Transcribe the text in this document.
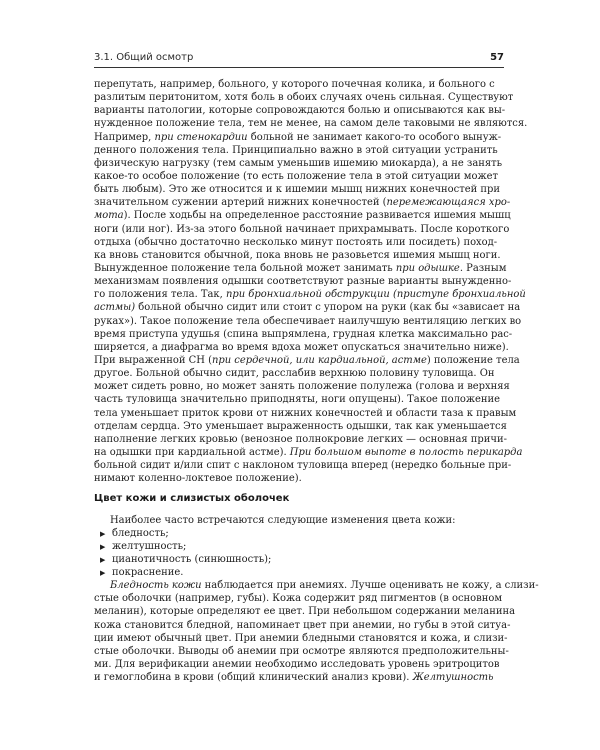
3.1. Общий осмотр	57
перепутать, например, больного, у которого почечная колика, и больного с
разлитым перитонитом, хотя боль в обоих случаях очень сильная. Существуют
варианты патологии, которые сопровождаются болью и описываются как вы-
нужденное положение тела, тем не менее, на самом деле таковыми не являются.
Например, при стенокардии больной не занимает какого-то особого вынуж-
денного положения тела. Принципиально важно в этой ситуации устранить
физическую нагрузку (тем самым уменьшив ишемию миокарда), а не занять
какое-то особое положение (то есть положение тела в этой ситуации может
быть любым). Это же относится и к ишемии мышц нижних конечностей при
значительном сужении артерий нижних конечностей (перемежающаяся хро-
мота). После ходьбы на определенное расстояние развивается ишемия мышц
ноги (или ног). Из-за этого больной начинает прихрамывать. После короткого
отдыха (обычно достаточно несколько минут постоять или посидеть) поход-
ка вновь становится обычной, пока вновь не разовьется ишемия мышц ноги.
Вынужденное положение тела больной может занимать при одышке. Разным
механизмам появления одышки соответствуют разные варианты вынужденно-
го положения тела. Так, при бронхиальной обструкции (приступе бронхиальной
астмы) больной обычно сидит или стоит с упором на руки (как бы «зависает на
руках»). Такое положение тела обеспечивает наилучшую вентиляцию легких во
время приступа удушья (спина выпрямлена, грудная клетка максимально рас-
ширяется, а диафрагма во время вдоха может опускаться значительно ниже).
При выраженной СН (при сердечной, или кардиальной, астме) положение тела
другое. Больной обычно сидит, расслабив верхнюю половину туловища. Он
может сидеть ровно, но может занять положение полулежа (голова и верхняя
часть туловища значительно приподняты, ноги опущены). Такое положение
тела уменьшает приток крови от нижних конечностей и области таза к правым
отделам сердца. Это уменьшает выраженность одышки, так как уменьшается
наполнение легких кровью (венозное полнокровие легких — основная причи-
на одышки при кардиальной астме). При большом выпоте в полость перикарда
больной сидит и/или спит с наклоном туловища вперед (нередко больные при-
нимают коленно-локтевое положение).
Цвет кожи и слизистых оболочек
Наиболее часто встречаются следующие изменения цвета кожи:
▶ бледность;
▶ желтушность;
▶ цианотичность (синюшность);
▶ покраснение.
Бледность кожи наблюдается при анемиях. Лучше оценивать не кожу, а слизи-
стые оболочки (например, губы). Кожа содержит ряд пигментов (в основном
меланин), которые определяют ее цвет. При небольшом содержании меланина
кожа становится бледной, напоминает цвет при анемии, но губы в этой ситуа-
ции имеют обычный цвет. При анемии бледными становятся и кожа, и слизи-
стые оболочки. Выводы об анемии при осмотре являются предположительны-
ми. Для верификации анемии необходимо исследовать уровень эритроцитов
и гемоглобина в крови (общий клинический анализ крови). Желтушность
